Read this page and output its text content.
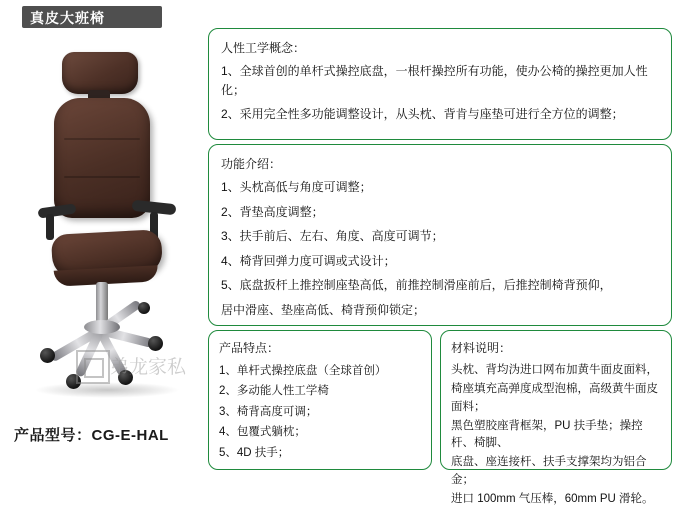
真皮大班椅
弟龙家私
产品型号：CG-E-HAL
人性工学概念：

1、全球首创的单杆式操控底盘，一根杆操控所有功能，使办公椅的操控更加人性化；

2、采用完全性多功能调整设计，从头枕、背肯与座垫可进行全方位的调整；

功能介绍：

1、头枕高低与角度可调整；

2、背垫高度调整；

3、扶手前后、左右、角度、高度可调节；

4、椅背回弹力度可调或式设计；

5、底盘扳杆上推控制座垫高低，前推控制滑座前后，后推控制椅背预仰，

居中滑座、垫座高低、椅背预仰锁定；

产品特点：

1、单杆式操控底盘（全球首创）

2、多动能人性工学椅

3、椅背高度可调；

4、包覆式躺枕；

5、4D 扶手；

材料说明：

头枕、背均沩进口网布加黄牛面皮面料，

椅座填充高弹度成型泡棉，高级黄牛面皮面料；

黑色塑胶座背框架，PU 扶手垫；操控杆、椅脚、

底盘、座连接杆、扶手支撑架均为铝合金；

进口 100mm 气压棒，60mm PU 滑轮。
